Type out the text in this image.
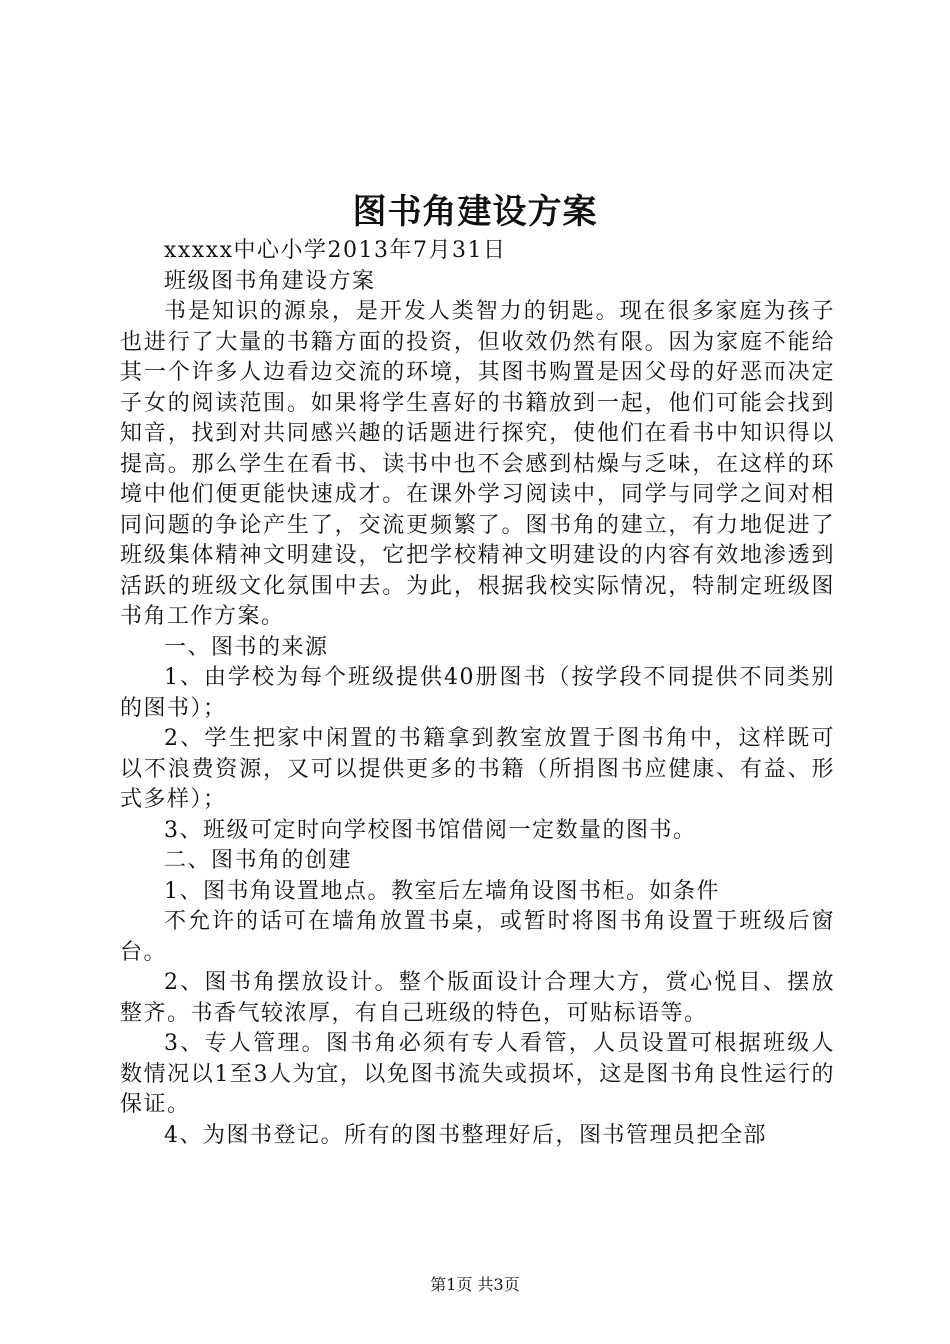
图书角建设方案

xxxxx中心小学2013年7月31日

班级图书角建设方案

书是知识的源泉，是开发人类智力的钥匙。现在很多家庭为孩子也进行了大量的书籍方面的投资，但收效仍然有限。因为家庭不能给其一个许多人边看边交流的环境，其图书购置是因父母的好恶而决定子女的阅读范围。如果将学生喜好的书籍放到一起，他们可能会找到知音，找到对共同感兴趣的话题进行探究，使他们在看书中知识得以提高。那么学生在看书、读书中也不会感到枯燥与乏味，在这样的环境中他们便更能快速成才。在课外学习阅读中，同学与同学之间对相同问题的争论产生了，交流更频繁了。图书角的建立，有力地促进了班级集体精神文明建设，它把学校精神文明建设的内容有效地渗透到活跃的班级文化氛围中去。为此，根据我校实际情况，特制定班级图书角工作方案。

一、图书的来源

1、由学校为每个班级提供40册图书（按学段不同提供不同类别的图书）；

2、学生把家中闲置的书籍拿到教室放置于图书角中，这样既可以不浪费资源，又可以提供更多的书籍（所捐图书应健康、有益、形式多样）；

3、班级可定时向学校图书馆借阅一定数量的图书。

二、图书角的创建

1、图书角设置地点。教室后左墙角设图书柜。如条件

不允许的话可在墙角放置书桌，或暂时将图书角设置于班级后窗台。

2、图书角摆放设计。整个版面设计合理大方，赏心悦目、摆放整齐。书香气较浓厚，有自己班级的特色，可贴标语等。

3、专人管理。图书角必须有专人看管，人员设置可根据班级人数情况以1至3人为宜，以免图书流失或损坏，这是图书角良性运行的保证。

4、为图书登记。所有的图书整理好后，图书管理员把全部

第1页 共3页
